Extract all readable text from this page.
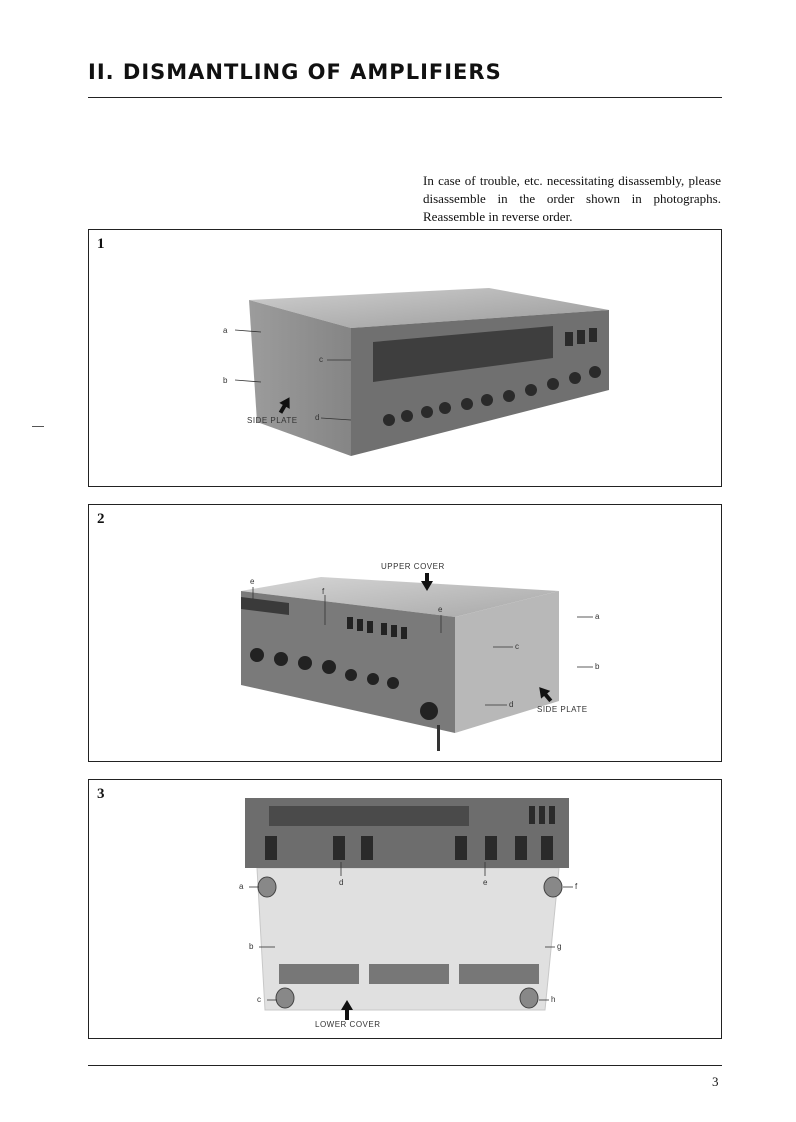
II. DISMANTLING OF AMPLIFIERS

In case of trouble, etc. necessitating disassembly, please disassemble in the order shown in photographs. Reassemble in reverse order.

1
a
b
c
d
SIDE PLATE
2
e
f
e
a
c
b
d
UPPER COVER
SIDE PLATE
3
a	d	e	f
b	g
c	h
LOWER COVER
3
